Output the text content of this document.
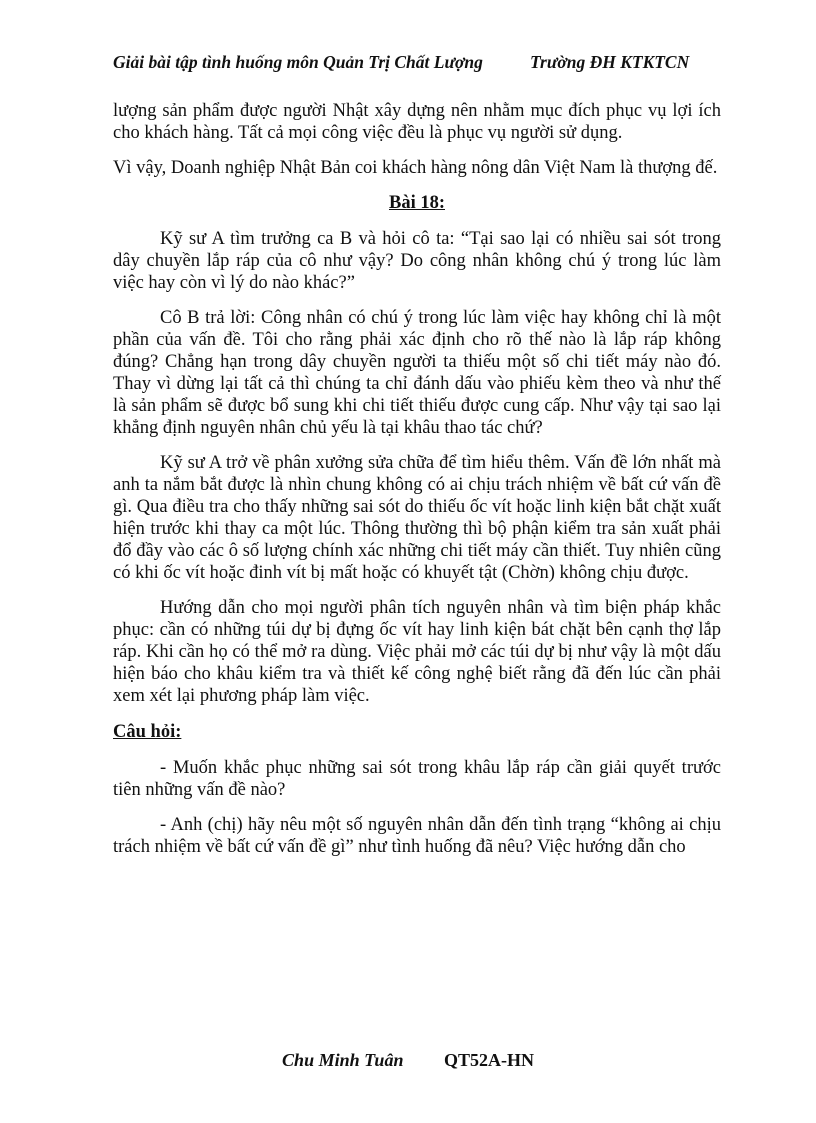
Giải bài tập tình huống môn Quản Trị Chất Lượng	Trường ĐH KTKTCN

lượng sản phẩm được người Nhật xây dựng nên nhằm mục đích phục vụ lợi ích cho khách hàng. Tất cả mọi công việc đều là phục vụ người sử dụng.

Vì vậy, Doanh nghiệp Nhật Bản coi khách hàng nông dân Việt Nam là thượng đế.

Bài 18:

Kỹ sư A tìm trưởng ca B và hỏi cô ta: “Tại sao lại có nhiều sai sót trong dây chuyền lắp ráp của cô như vậy? Do công nhân không chú ý trong lúc làm việc hay còn vì lý do nào khác?”

Cô B trả lời: Công nhân có chú ý trong lúc làm việc hay không chỉ là một phần của vấn đề. Tôi cho rằng phải xác định cho rõ thế nào là lắp ráp không đúng? Chẳng hạn trong dây chuyền người ta thiếu một số chi tiết máy nào đó. Thay vì dừng lại tất cả thì chúng ta chỉ đánh dấu vào phiếu kèm theo và như thế là sản phẩm sẽ được bổ sung khi chi tiết thiếu được cung cấp. Như vậy tại sao lại khẳng định nguyên nhân chủ yếu là tại khâu thao tác chứ?

Kỹ sư A trở về phân xưởng sửa chữa để tìm hiểu thêm. Vấn đề lớn nhất mà anh ta nắm bắt được là nhìn chung không có ai chịu trách nhiệm về bất cứ vấn đề gì. Qua điều tra cho thấy những sai sót do thiếu ốc vít hoặc linh kiện bắt chặt xuất hiện trước khi thay ca một lúc. Thông thường thì bộ phận kiểm tra sản xuất phải đổ đầy vào các ô số lượng chính xác những chi tiết máy cần thiết. Tuy nhiên cũng có khi ốc vít hoặc đinh vít bị mất hoặc có khuyết tật (Chờn) không chịu được.

Hướng dẫn cho mọi người phân tích nguyên nhân và tìm biện pháp khắc phục: cần có những túi dự bị đựng ốc vít hay linh kiện bát chặt bên cạnh thợ lắp ráp. Khi cần họ có thể mở ra dùng. Việc phải mở các túi dự bị như vậy là một dấu hiện báo cho khâu kiểm tra và thiết kế công nghệ biết rằng đã đến lúc cần phải xem xét lại phương pháp làm việc.

Câu hỏi:

- Muốn khắc phục những sai sót trong khâu lắp ráp cần giải quyết trước tiên những vấn đề nào?

- Anh (chị) hãy nêu một số nguyên nhân dẫn đến tình trạng “không ai chịu trách nhiệm về bất cứ vấn đề gì” như tình huống đã nêu? Việc hướng dẫn cho

Chu Minh Tuân QT52A-HN
